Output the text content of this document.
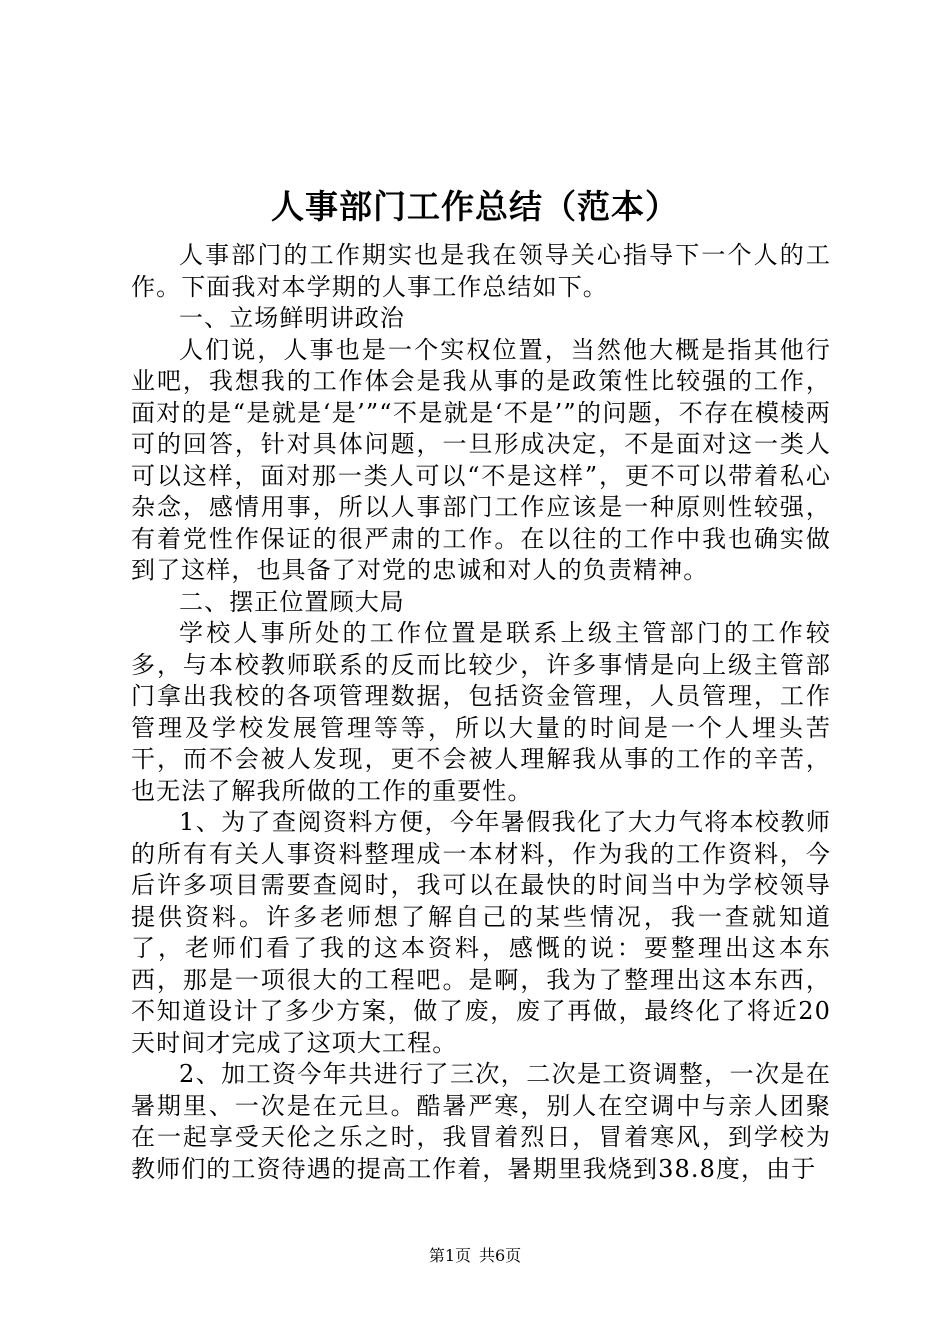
人事部门工作总结（范本）

人事部门的工作期实也是我在领导关心指导下一个人的工作。下面我对本学期的人事工作总结如下。

一、立场鲜明讲政治

人们说，人事也是一个实权位置，当然他大概是指其他行业吧，我想我的工作体会是我从事的是政策性比较强的工作，面对的是“是就是‘是’”“不是就是‘不是’”的问题，不存在模棱两可的回答，针对具体问题，一旦形成决定，不是面对这一类人可以这样，面对那一类人可以“不是这样”，更不可以带着私心杂念，感情用事，所以人事部门工作应该是一种原则性较强，有着党性作保证的很严肃的工作。在以往的工作中我也确实做到了这样，也具备了对党的忠诚和对人的负责精神。

二、摆正位置顾大局

学校人事所处的工作位置是联系上级主管部门的工作较多，与本校教师联系的反而比较少，许多事情是向上级主管部门拿出我校的各项管理数据，包括资金管理，人员管理，工作管理及学校发展管理等等，所以大量的时间是一个人埋头苦干，而不会被人发现，更不会被人理解我从事的工作的辛苦，也无法了解我所做的工作的重要性。

1、为了查阅资料方便，今年暑假我化了大力气将本校教师的所有有关人事资料整理成一本材料，作为我的工作资料，今后许多项目需要查阅时，我可以在最快的时间当中为学校领导提供资料。许多老师想了解自己的某些情况，我一查就知道了，老师们看了我的这本资料，感慨的说：要整理出这本东西，那是一项很大的工程吧。是啊，我为了整理出这本东西，不知道设计了多少方案，做了废，废了再做，最终化了将近20天时间才完成了这项大工程。

2、加工资今年共进行了三次，二次是工资调整，一次是在暑期里、一次是在元旦。酷暑严寒，别人在空调中与亲人团聚在一起享受天伦之乐之时，我冒着烈日，冒着寒风，到学校为教师们的工资待遇的提高工作着，暑期里我烧到38.8度，由于

第1页 共6页
